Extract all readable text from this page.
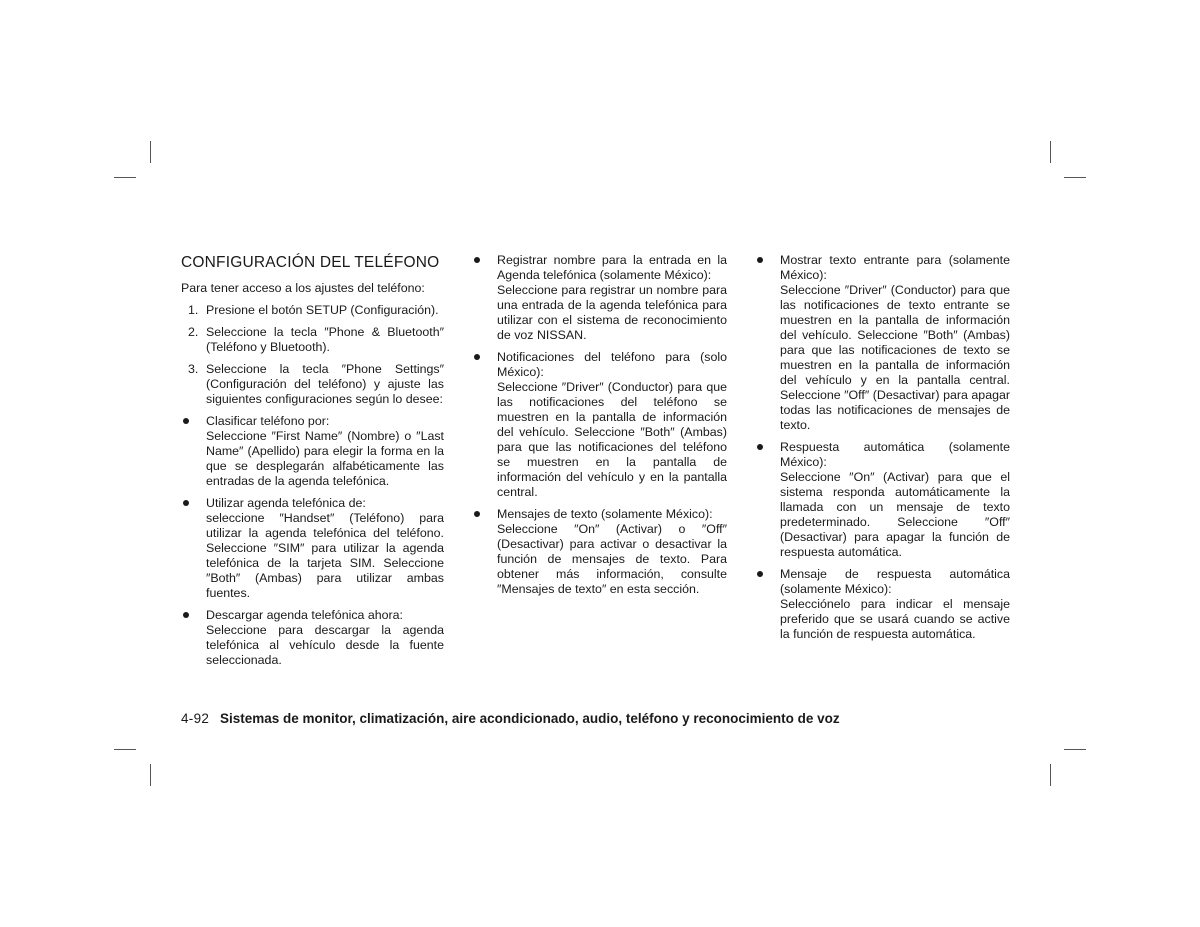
CONFIGURACIÓN DEL TELÉFONO

Para tener acceso a los ajustes del teléfono:

1. Presione el botón SETUP (Configuración).
2. Seleccione la tecla ″Phone & Bluetooth″ (Teléfono y Bluetooth).
3. Seleccione la tecla ″Phone Settings″ (Configuración del teléfono) y ajuste las siguientes configuraciones según lo desee:
Clasificar teléfono por:
Seleccione ″First Name″ (Nombre) o ″Last Name″ (Apellido) para elegir la forma en la que se desplegarán alfabéticamente las entradas de la agenda telefónica.
Utilizar agenda telefónica de:
seleccione ″Handset″ (Teléfono) para utilizar la agenda telefónica del teléfono. Seleccione ″SIM″ para utilizar la agenda telefónica de la tarjeta SIM. Seleccione ″Both″ (Ambas) para utilizar ambas fuentes.
Descargar agenda telefónica ahora:
Seleccione para descargar la agenda telefónica al vehículo desde la fuente seleccionada.
Registrar nombre para la entrada en la Agenda telefónica (solamente México):
Seleccione para registrar un nombre para una entrada de la agenda telefónica para utilizar con el sistema de reconocimiento de voz NISSAN.
Notificaciones del teléfono para (solo México):
Seleccione ″Driver″ (Conductor) para que las notificaciones del teléfono se muestren en la pantalla de información del vehículo. Seleccione ″Both″ (Ambas) para que las notificaciones del teléfono se muestren en la pantalla de información del vehículo y en la pantalla central.
Mensajes de texto (solamente México):
Seleccione ″On″ (Activar) o ″Off″ (Desactivar) para activar o desactivar la función de mensajes de texto. Para obtener más información, consulte ″Mensajes de texto″ en esta sección.
Mostrar texto entrante para (solamente México):
Seleccione ″Driver″ (Conductor) para que las notificaciones de texto entrante se muestren en la pantalla de información del vehículo. Seleccione ″Both″ (Ambas) para que las notificaciones de texto se muestren en la pantalla de información del vehículo y en la pantalla central. Seleccione ″Off″ (Desactivar) para apagar todas las notificaciones de mensajes de texto.
Respuesta automática (solamente México):
Seleccione ″On″ (Activar) para que el sistema responda automáticamente la llamada con un mensaje de texto predeterminado. Seleccione ″Off″ (Desactivar) para apagar la función de respuesta automática.
Mensaje de respuesta automática (solamente México):
Selecciónelo para indicar el mensaje preferido que se usará cuando se active la función de respuesta automática.
4-92 Sistemas de monitor, climatización, aire acondicionado, audio, teléfono y reconocimiento de voz
